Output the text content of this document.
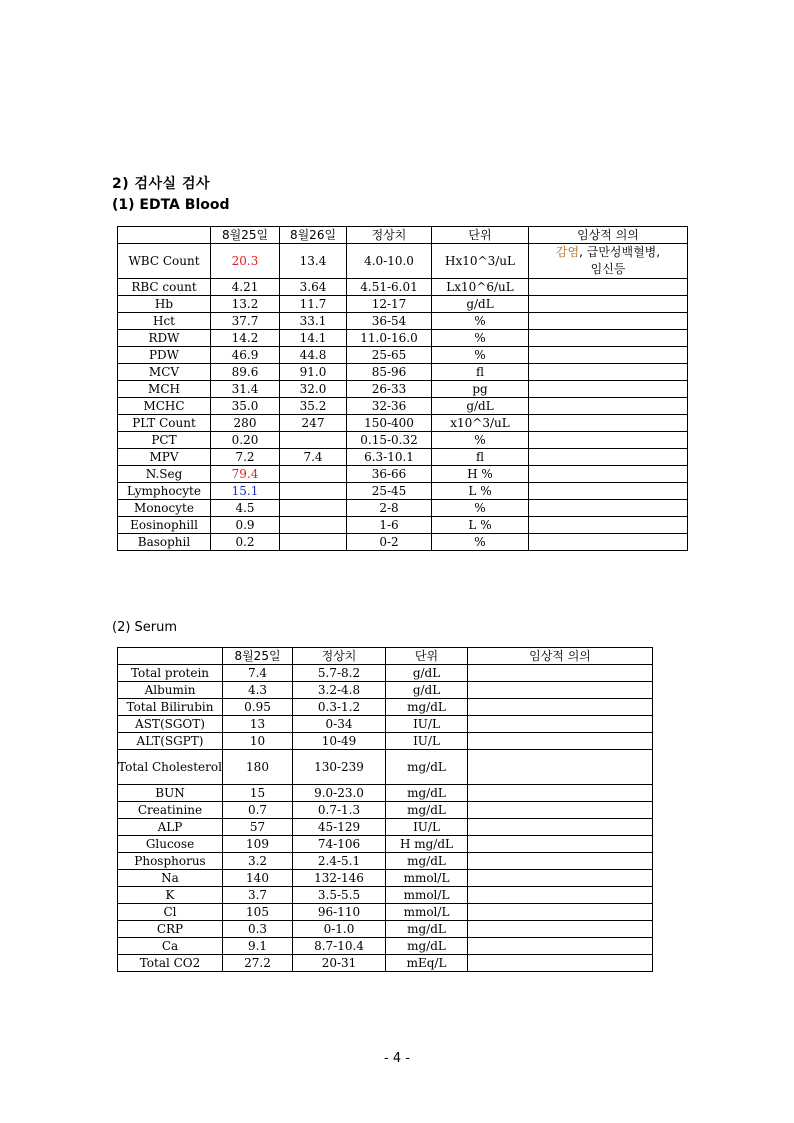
2) 검사실 검사
(1) EDTA Blood
	8월25일	8월26일	정상치	단위	임상적 의의
WBC Count	20.3	13.4	4.0-10.0	Hx10^3/uL	감염, 급만성백혈병,
임신등
RBC count	4.21	3.64	4.51-6.01	Lx10^6/uL	
Hb	13.2	11.7	12-17	g/dL	
Hct	37.7	33.1	36-54	%	
RDW	14.2	14.1	11.0-16.0	%	
PDW	46.9	44.8	25-65	%	
MCV	89.6	91.0	85-96	fl	
MCH	31.4	32.0	26-33	pg	
MCHC	35.0	35.2	32-36	g/dL	
PLT Count	280	247	150-400	x10^3/uL	
PCT	0.20		0.15-0.32	%	
MPV	7.2	7.4	6.3-10.1	fl	
N.Seg	79.4		36-66	H %	
Lymphocyte	15.1		25-45	L %	
Monocyte	4.5		2-8	%	
Eosinophill	0.9		1-6	L %	
Basophil	0.2		0-2	%	
	8월25일	정상치	단위	임상적 의의
Total protein	7.4	5.7-8.2	g/dL	
Albumin	4.3	3.2-4.8	g/dL	
Total Bilirubin	0.95	0.3-1.2	mg/dL	
AST(SGOT)	13	0-34	IU/L	
ALT(SGPT)	10	10-49	IU/L	
Total Cholesterol	180	130-239	mg/dL	
BUN	15	9.0-23.0	mg/dL	
Creatinine	0.7	0.7-1.3	mg/dL	
ALP	57	45-129	IU/L	
Glucose	109	74-106	H mg/dL	
Phosphorus	3.2	2.4-5.1	mg/dL	
Na	140	132-146	mmol/L	
K	3.7	3.5-5.5	mmol/L	
Cl	105	96-110	mmol/L	
CRP	0.3	0-1.0	mg/dL	
Ca	9.1	8.7-10.4	mg/dL	
Total CO2	27.2	20-31	mEq/L	
(2) Serum
- 4 -
